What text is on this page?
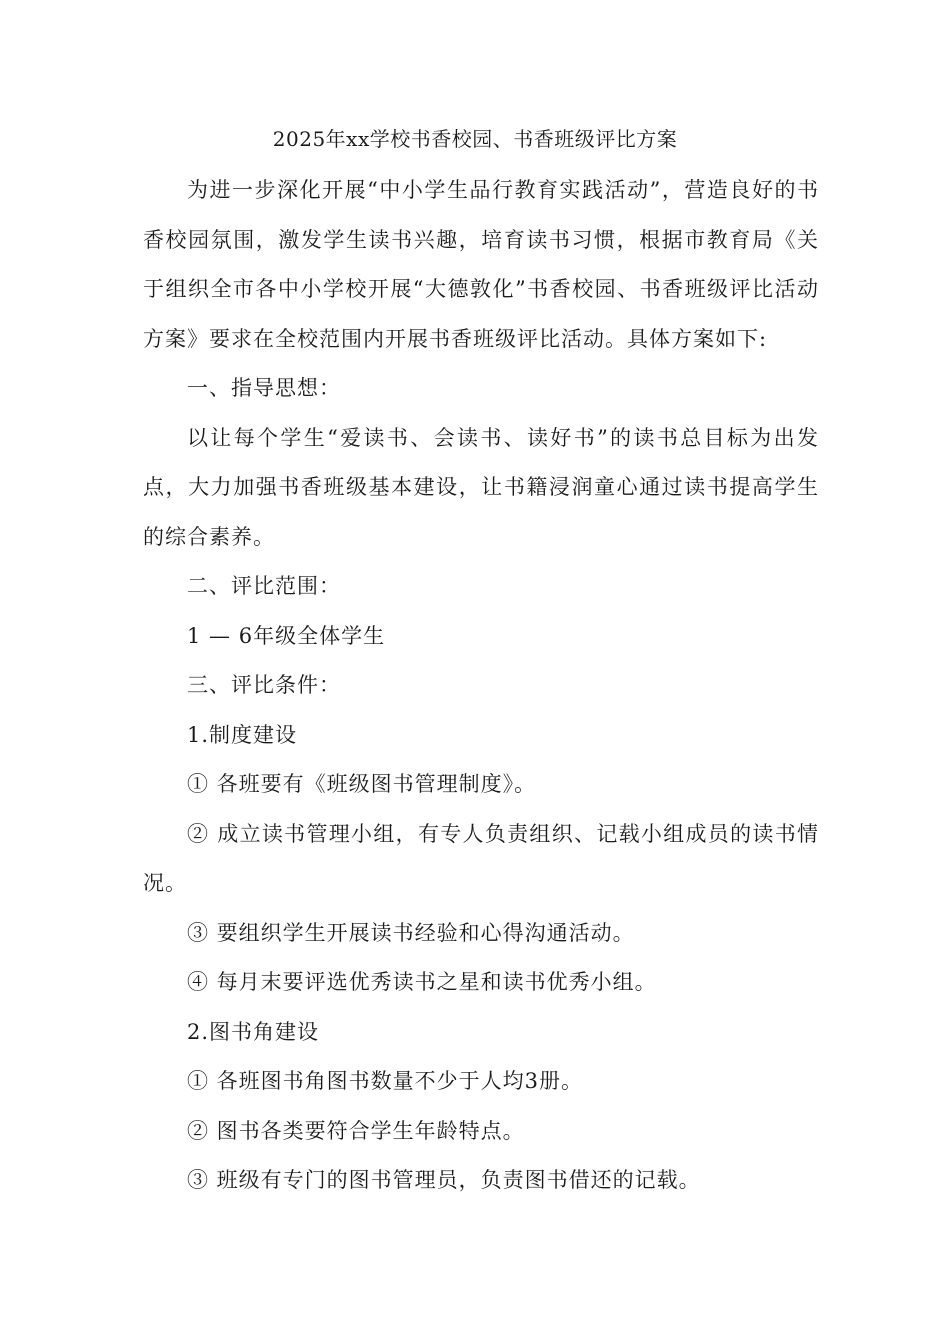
2025年xx学校书香校园、书香班级评比方案

为进一步深化开展“中小学生品行教育实践活动”，营造良好的书香校园氛围，激发学生读书兴趣，培育读书习惯，根据市教育局《关于组织全市各中小学校开展“大德敦化”书香校园、书香班级评比活动方案》要求在全校范围内开展书香班级评比活动。具体方案如下:

一、指导思想：

以让每个学生“爱读书、会读书、读好书”的读书总目标为出发点，大力加强书香班级基本建设，让书籍浸润童心通过读书提高学生的综合素养。

二、评比范围：

1 — 6年级全体学生

三、评比条件：

1.制度建设

① 各班要有《班级图书管理制度》。

② 成立读书管理小组，有专人负责组织、记载小组成员的读书情况。

③ 要组织学生开展读书经验和心得沟通活动。

④ 每月末要评选优秀读书之星和读书优秀小组。

2.图书角建设

① 各班图书角图书数量不少于人均3册。

② 图书各类要符合学生年龄特点。

③ 班级有专门的图书管理员，负责图书借还的记载。
